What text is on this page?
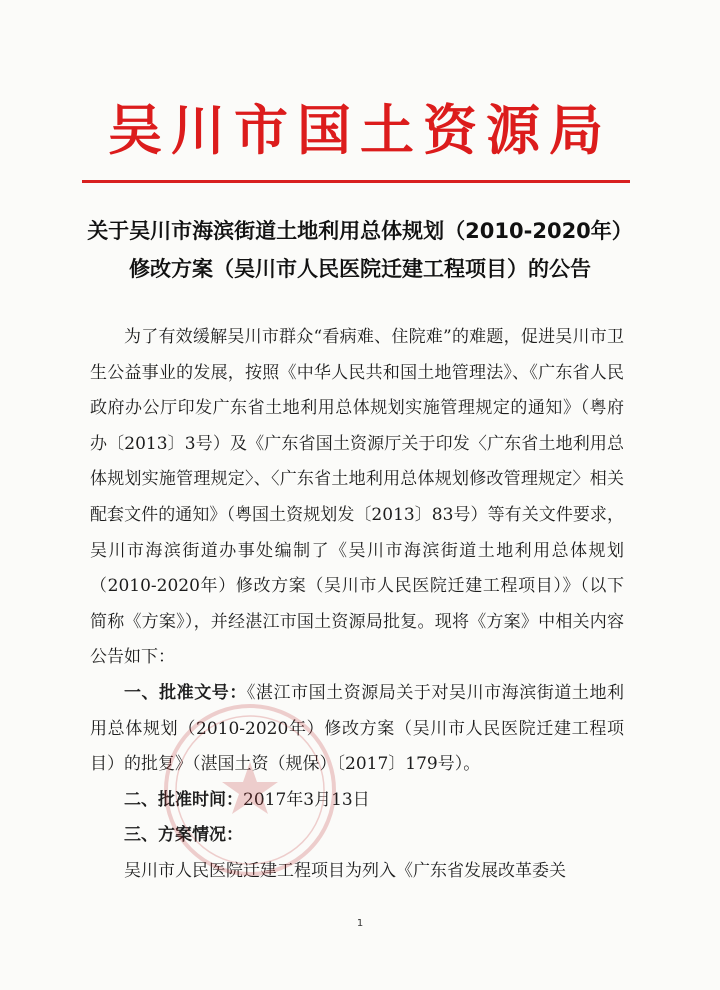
吴川市国土资源局
关于吴川市海滨街道土地利用总体规划（2010-2020年）
修改方案（吴川市人民医院迁建工程项目）的公告

为了有效缓解吴川市群众“看病难、住院难”的难题，促进吴川市卫生公益事业的发展，按照《中华人民共和国土地管理法》、《广东省人民政府办公厅印发广东省土地利用总体规划实施管理规定的通知》（粤府办〔2013〕3号）及《广东省国土资源厅关于印发〈广东省土地利用总体规划实施管理规定〉、〈广东省土地利用总体规划修改管理规定〉相关配套文件的通知》（粤国土资规划发〔2013〕83号）等有关文件要求，吴川市海滨街道办事处编制了《吴川市海滨街道土地利用总体规划（2010-2020年）修改方案（吴川市人民医院迁建工程项目）》（以下简称《方案》），并经湛江市国土资源局批复。现将《方案》中相关内容公告如下：

一、批准文号：《湛江市国土资源局关于对吴川市海滨街道土地利用总体规划（2010-2020年）修改方案（吴川市人民医院迁建工程项目）的批复》（湛国土资（规保）〔2017〕179号）。

二、批准时间：2017年3月13日

三、方案情况：

吴川市人民医院迁建工程项目为列入《广东省发展改革委关

1
